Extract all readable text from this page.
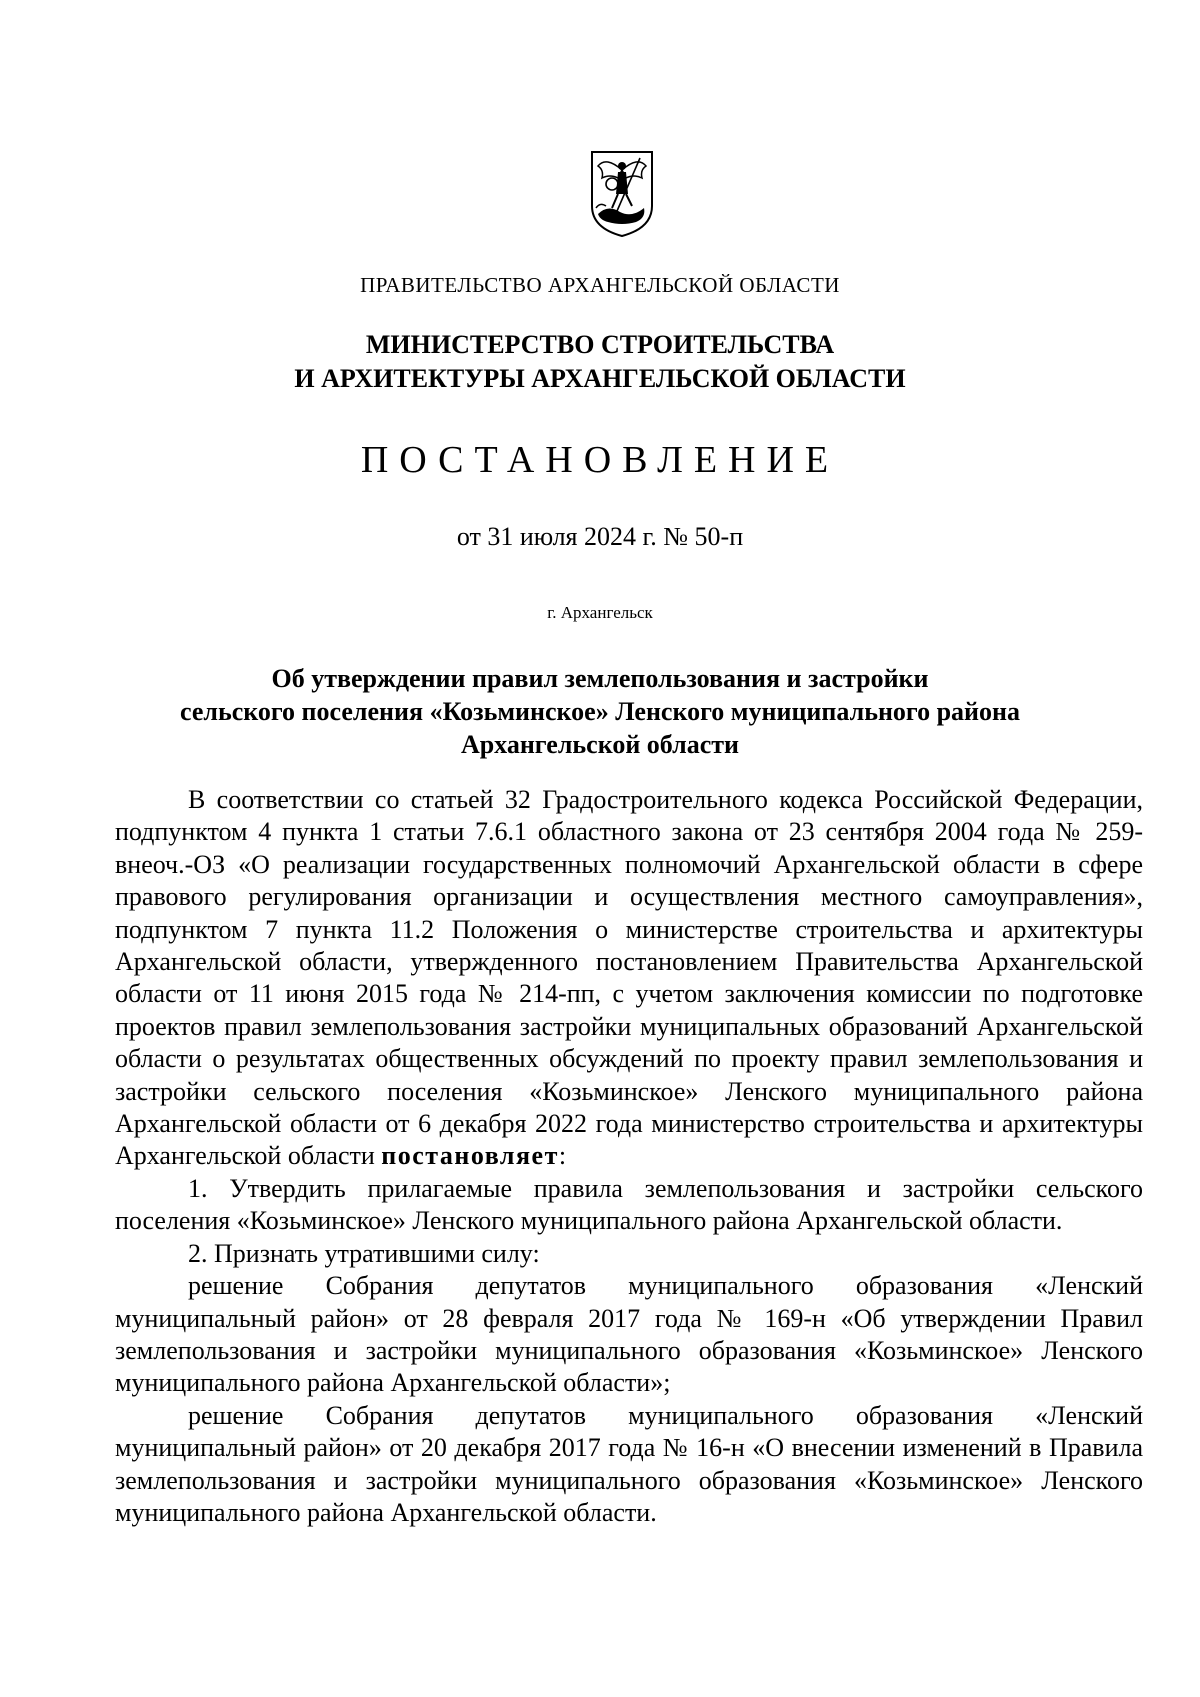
ПРАВИТЕЛЬСТВО АРХАНГЕЛЬСКОЙ ОБЛАСТИ
МИНИСТЕРСТВО СТРОИТЕЛЬСТВА
И АРХИТЕКТУРЫ АРХАНГЕЛЬСКОЙ ОБЛАСТИ
ПОСТАНОВЛЕНИЕ
от 31 июля 2024 г. № 50-п
г. Архангельск
Об утверждении правил землепользования и застройки
сельского поселения «Козьминское» Ленского муниципального района
Архангельской области

В соответствии со статьей 32 Градостроительного кодекса Российской Федерации, подпунктом 4 пункта 1 статьи 7.6.1 областного закона от 23 сентября 2004 года № 259-внеоч.-ОЗ «О реализации государственных полномочий Архангельской области в сфере правового регулирования организации и осуществления местного самоуправления», подпунктом 7 пункта 11.2 Положения о министерстве строительства и архитектуры Архангельской области, утвержденного постановлением Правительства Архангельской области от 11 июня 2015 года № 214-пп, с учетом заключения комиссии по подготовке проектов правил землепользования застройки муниципальных образований Архангельской области о результатах общественных обсуждений по проекту правил землепользования и застройки сельского поселения «Козьминское» Ленского муниципального района Архангельской области от 6 декабря 2022 года министерство строительства и архитектуры Архангельской области постановляет:

1. Утвердить прилагаемые правила землепользования и застройки сельского поселения «Козьминское» Ленского муниципального района Архангельской области.

2. Признать утратившими силу:

решение Собрания депутатов муниципального образования «Ленский муниципальный район» от 28 февраля 2017 года № 169-н «Об утверждении Правил землепользования и застройки муниципального образования «Козьминское» Ленского муниципального района Архангельской области»;

решение Собрания депутатов муниципального образования «Ленский муниципальный район» от 20 декабря 2017 года № 16-н «О внесении изменений в Правила землепользования и застройки муниципального образования «Козьминское» Ленского муниципального района Архангельской области.
